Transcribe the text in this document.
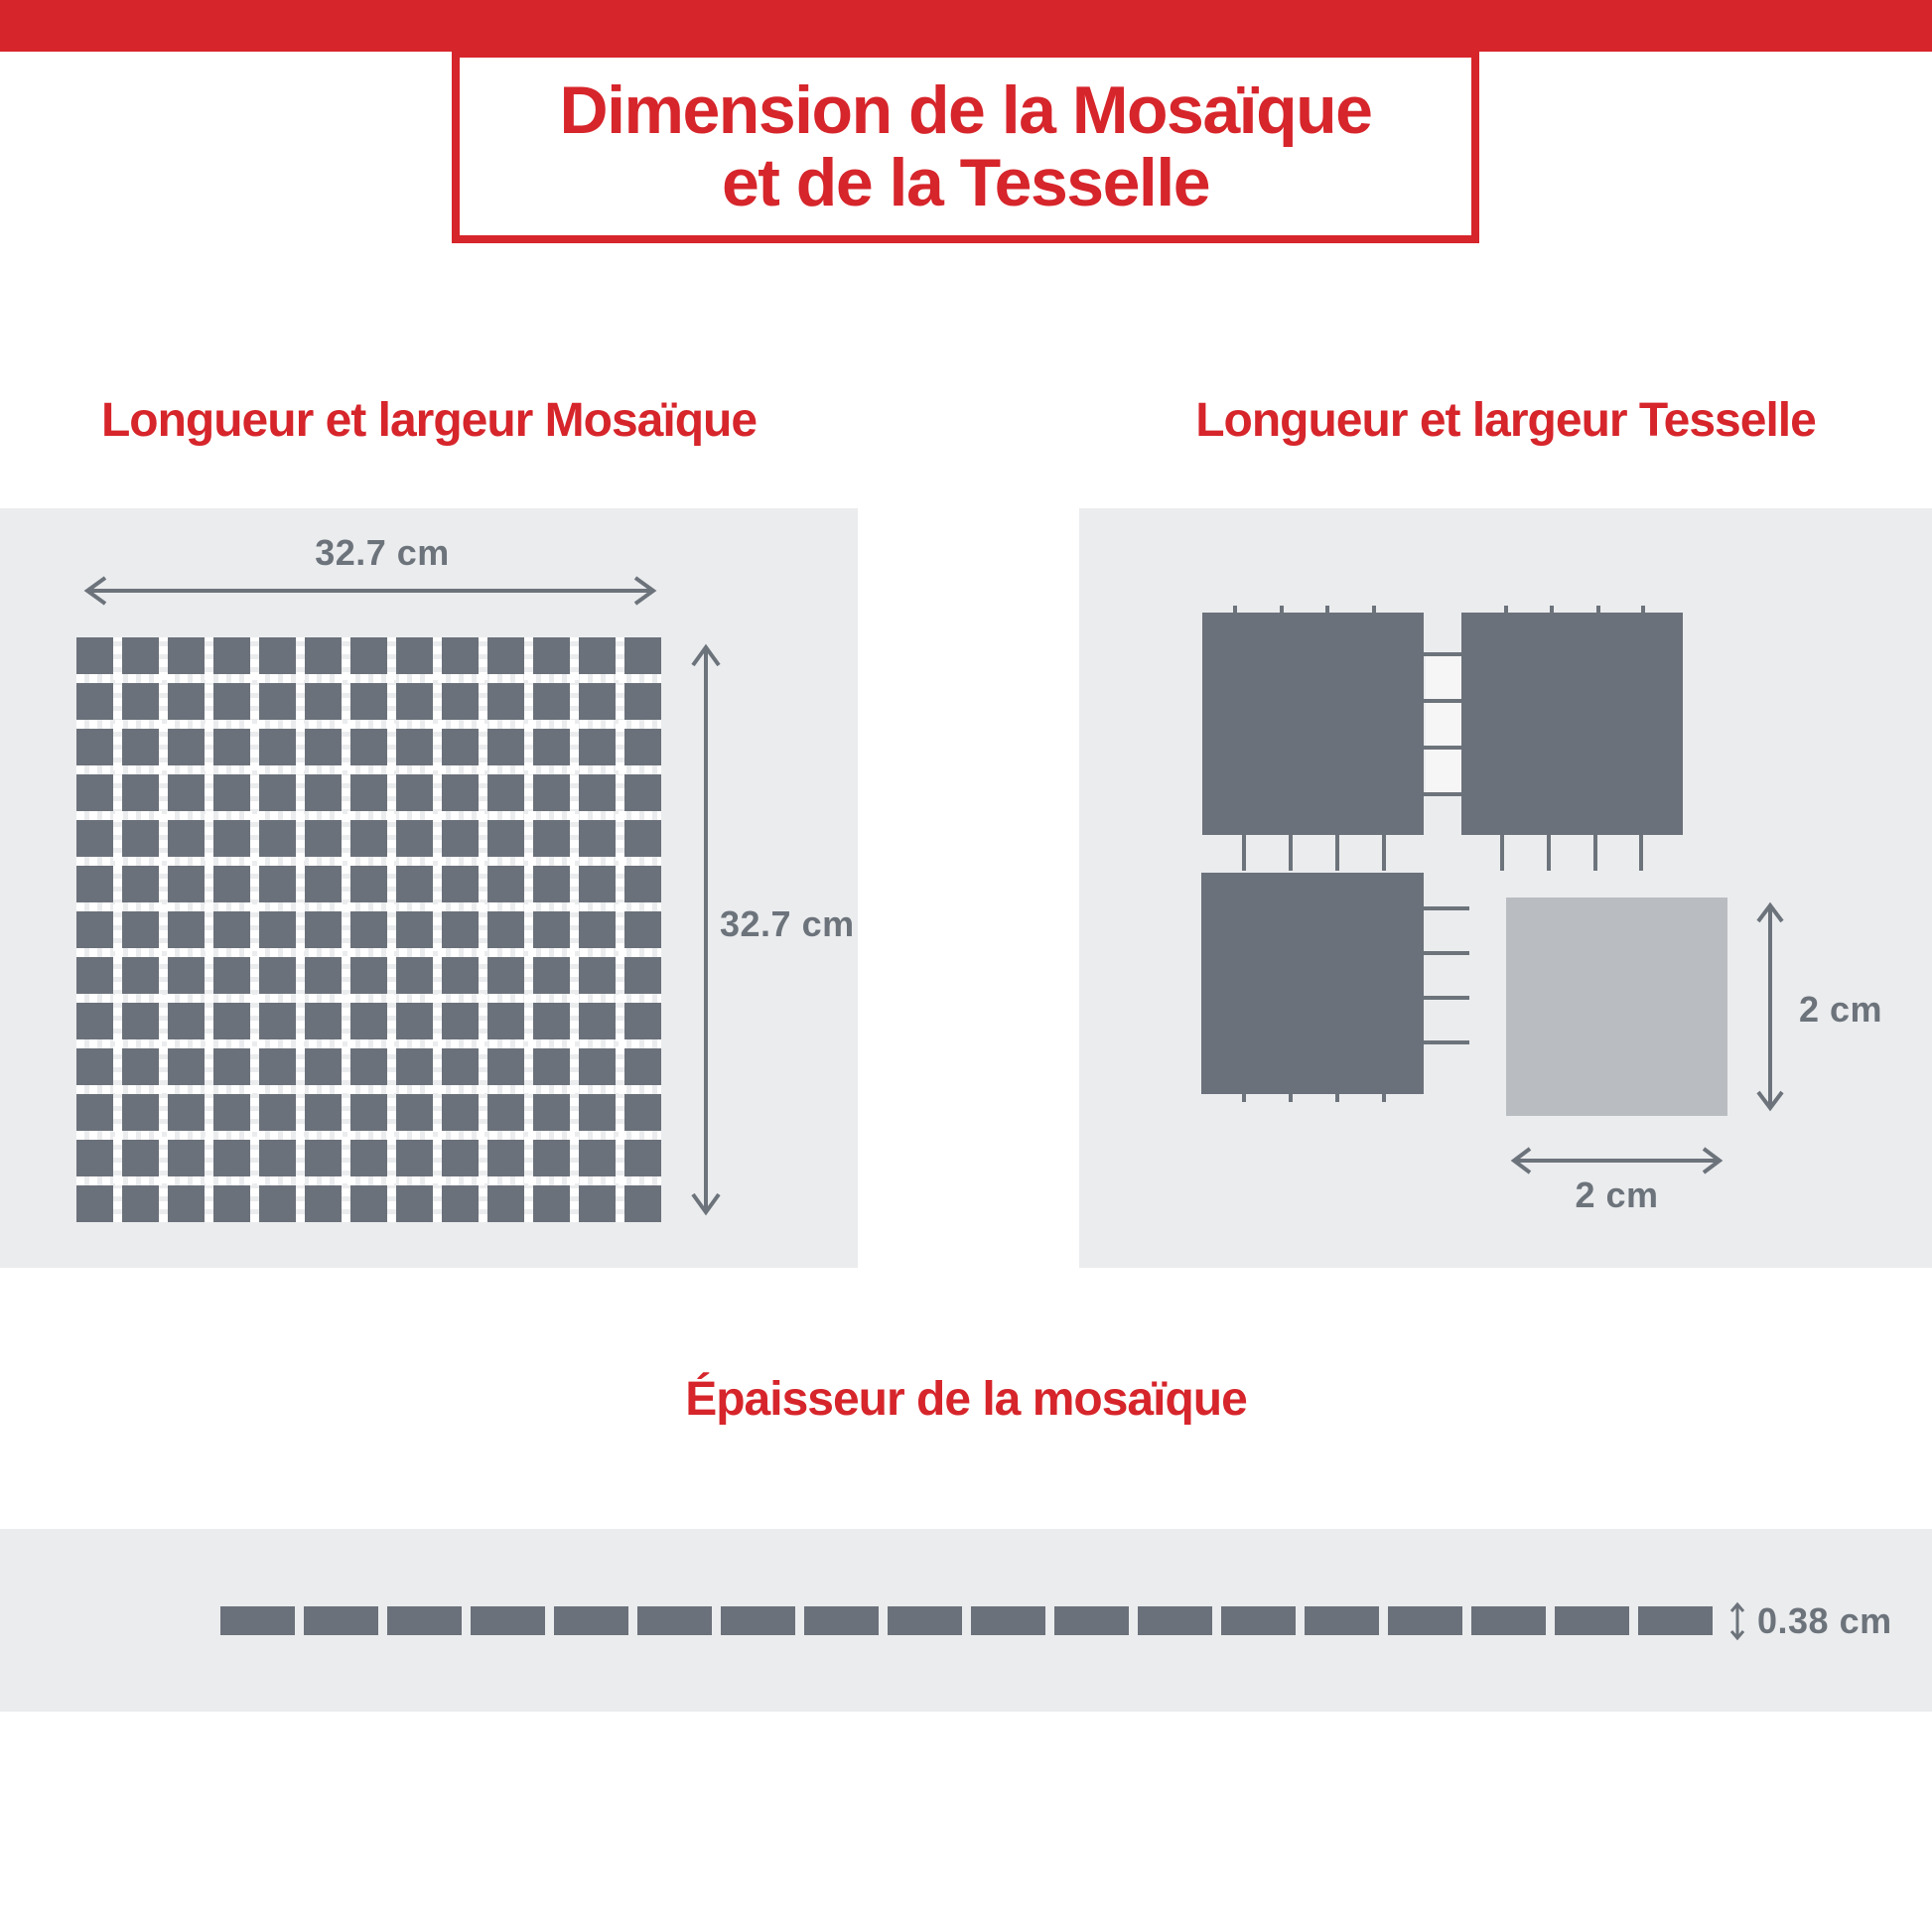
Dimension de la Mosaïque
et de la Tesselle
Longueur et largeur Mosaïque	Longueur et largeur Tesselle
32.7 cm
32.7 cm
2 cm
2 cm
Épaisseur de la mosaïque
0.38 cm
